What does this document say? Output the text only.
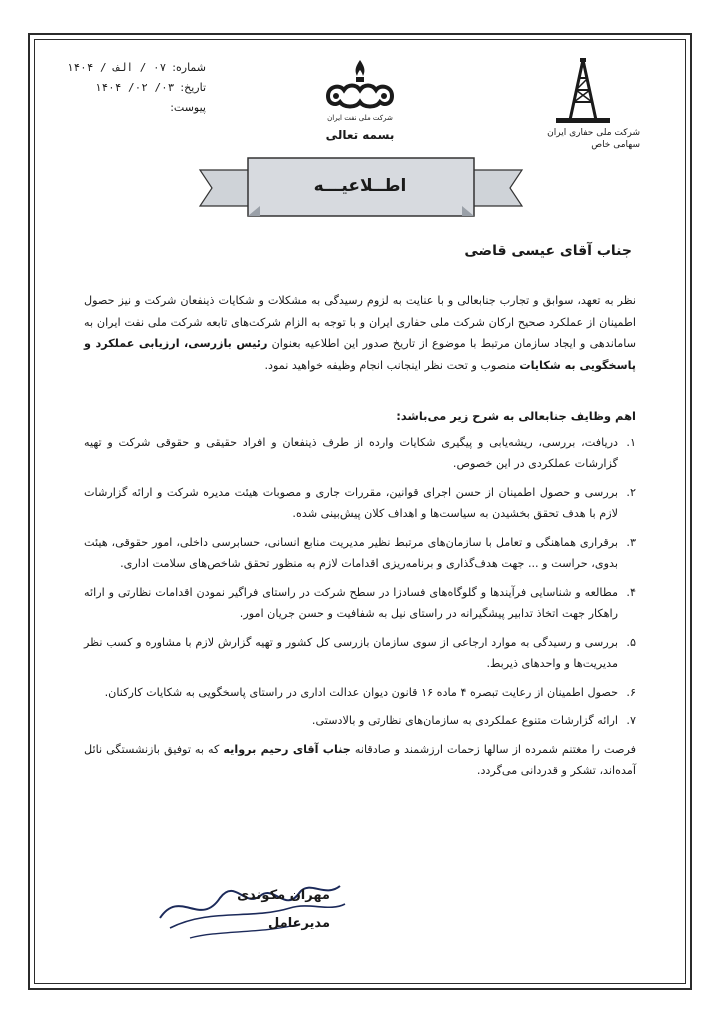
شماره:
۰۷ / الف / ۱۴۰۴
تاریخ:
۰۳/ ۰۲/ ۱۴۰۴
پیوست:
شرکت ملی نفت ایران
بسمه تعالی	شرکت ملی حفاری ایران
سهامی خاص
اطــلاعیـــه
جناب آقای عیسی قاضی

نظر به تعهد، سوابق و تجارب جنابعالی و با عنایت به لزوم رسیدگی به مشکلات و شکایات ذینفعان شرکت و نیز حصول اطمینان از عملکرد صحیح ارکان شرکت ملی حفاری ایران و با توجه به الزام شرکت‌های تابعه شرکت ملی نفت ایران به ساماندهی و ایجاد سازمان مرتبط با موضوع از تاریخ صدور این اطلاعیه بعنوان رئیس بازرسی، ارزیابی عملکرد و پاسخگویی به شکایات منصوب و تحت نظر اینجانب انجام وظیفه خواهید نمود.

اهم وظایف جنابعالی به شرح زیر می‌باشد:

۱.
دریافت، بررسی، ریشه‌یابی و پیگیری شکایات وارده از طرف ذینفعان و افراد حقیقی و حقوقی شرکت و تهیه گزارشات عملکردی در این خصوص.
۲.
بررسی و حصول اطمینان از حسن اجرای قوانین، مقررات جاری و مصوبات هیئت مدیره شرکت و ارائه گزارشات لازم با هدف تحقق بخشیدن به سیاست‌ها و اهداف کلان پیش‌بینی شده.
۳.
برقراری هماهنگی و تعامل با سازمان‌های مرتبط نظیر مدیریت منابع انسانی، حسابرسی داخلی، امور حقوقی، هیئت بدوی، حراست و ... جهت هدف‌گذاری و برنامه‌ریزی اقدامات لازم به منظور تحقق شاخص‌های سلامت اداری.
۴.
مطالعه و شناسایی فرآیندها و گلوگاه‌های فسادزا در سطح شرکت در راستای فراگیر نمودن اقدامات نظارتی و ارائه راهکار جهت اتخاذ تدابیر پیشگیرانه در راستای نیل به شفافیت و حسن جریان امور.
۵.
بررسی و رسیدگی به موارد ارجاعی از سوی سازمان بازرسی کل کشور و تهیه گزارش لازم با مشاوره و کسب نظر مدیریت‌ها و واحدهای ذیربط.
۶.
حصول اطمینان از رعایت تبصره ۴ ماده ۱۶ قانون دیوان عدالت اداری در راستای پاسخگویی به شکایات کارکنان.
۷.
ارائه گزارشات متنوع عملکردی به سازمان‌های نظارتی و بالادستی.

فرصت را مغتنم شمرده از سالها زحمات ارزشمند و صادقانه جناب آقای رحیم بروایه که به توفیق بازنشستگی نائل آمده‌اند، تشکر و قدردانی می‌گردد.

مهران مکوندی
مدیرعامل
